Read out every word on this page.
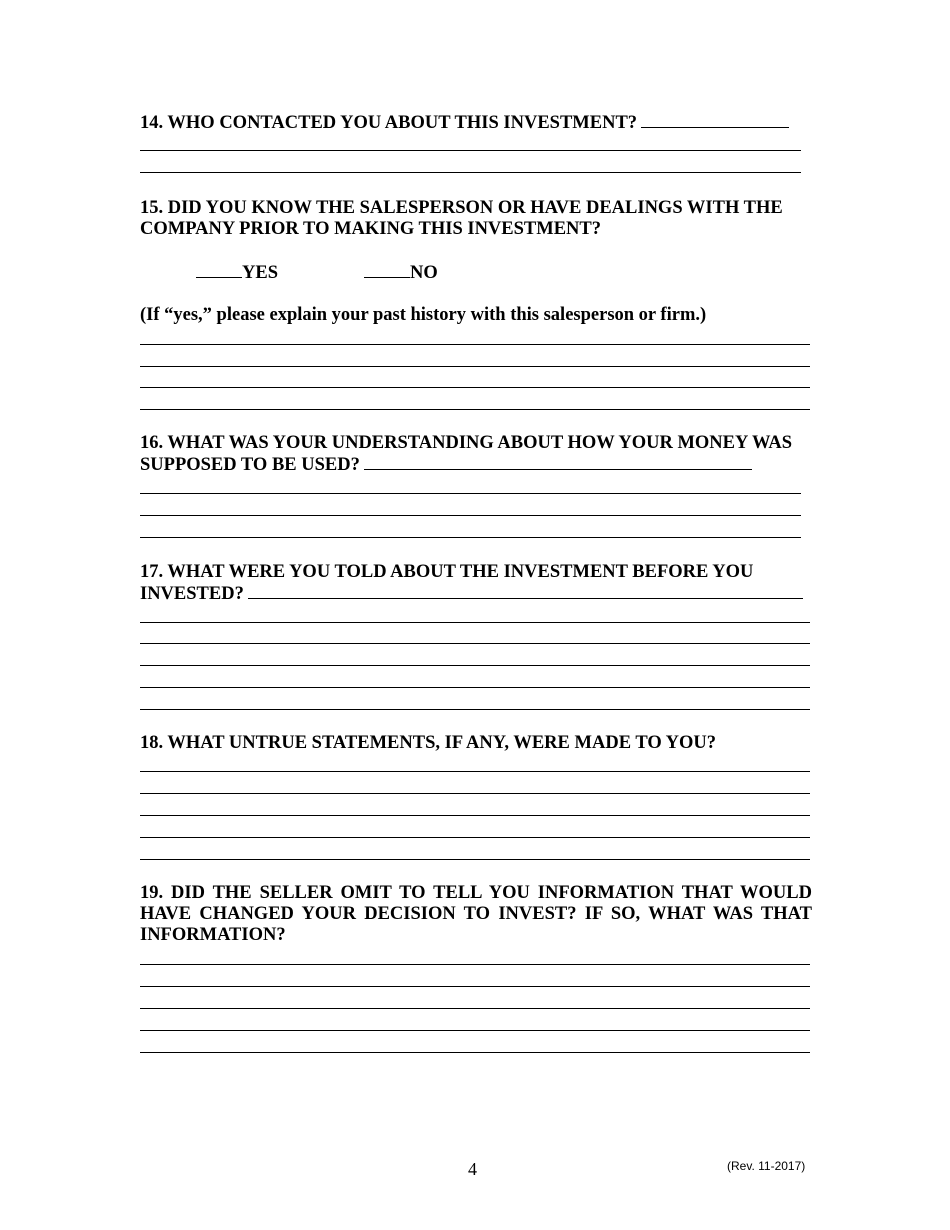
14. WHO CONTACTED YOU ABOUT THIS INVESTMENT?

15. DID YOU KNOW THE SALESPERSON OR HAVE DEALINGS WITH THE COMPANY PRIOR TO MAKING THIS INVESTMENT?

YES	NO

(If “yes,” please explain your past history with this salesperson or firm.)

16. WHAT WAS YOUR UNDERSTANDING ABOUT HOW YOUR MONEY WAS SUPPOSED TO BE USED?

17. WHAT WERE YOU TOLD ABOUT THE INVESTMENT BEFORE YOU INVESTED?

18. WHAT UNTRUE STATEMENTS, IF ANY, WERE MADE TO YOU?

19. DID THE SELLER OMIT TO TELL YOU INFORMATION THAT WOULD HAVE CHANGED YOUR DECISION TO INVEST? IF SO, WHAT WAS THAT INFORMATION?

4	(Rev. 11-2017)
